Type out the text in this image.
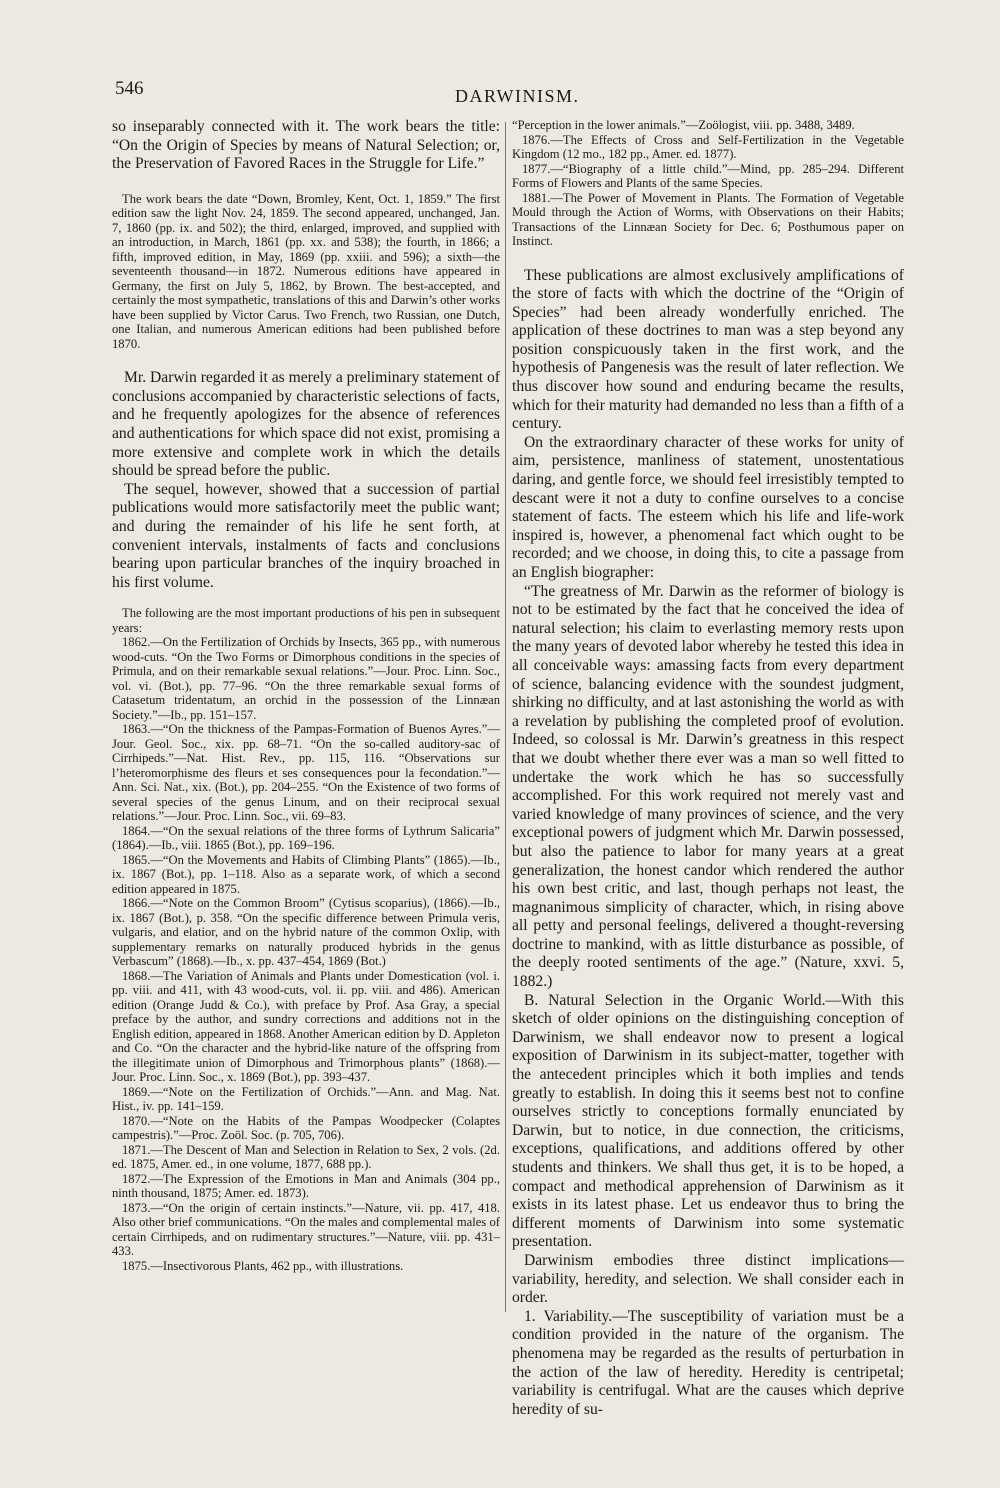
546	DARWINISM.

so inseparably connected with it. The work bears the title: “On the Origin of Species by means of Natural Selection; or, the Preservation of Favored Races in the Struggle for Life.”

The work bears the date “Down, Bromley, Kent, Oct. 1, 1859.” The first edition saw the light Nov. 24, 1859. The second appeared, unchanged, Jan. 7, 1860 (pp. ix. and 502); the third, enlarged, improved, and supplied with an introduction, in March, 1861 (pp. xx. and 538); the fourth, in 1866; a fifth, improved edition, in May, 1869 (pp. xxiii. and 596); a sixth—the seventeenth thousand—in 1872. Numerous editions have appeared in Germany, the first on July 5, 1862, by Brown. The best-accepted, and certainly the most sympathetic, translations of this and Darwin’s other works have been supplied by Victor Carus. Two French, two Russian, one Dutch, one Italian, and numerous American editions had been published before 1870.

Mr. Darwin regarded it as merely a preliminary statement of conclusions accompanied by characteristic selections of facts, and he frequently apologizes for the absence of references and authentications for which space did not exist, promising a more extensive and complete work in which the details should be spread before the public.

The sequel, however, showed that a succession of partial publications would more satisfactorily meet the public want; and during the remainder of his life he sent forth, at convenient intervals, instalments of facts and conclusions bearing upon particular branches of the inquiry broached in his first volume.

The following are the most important productions of his pen in subsequent years:

1862.—On the Fertilization of Orchids by Insects, 365 pp., with numerous wood-cuts. “On the Two Forms or Dimorphous conditions in the species of Primula, and on their remarkable sexual relations.”—Jour. Proc. Linn. Soc., vol. vi. (Bot.), pp. 77–96. “On the three remarkable sexual forms of Catasetum tridentatum, an orchid in the possession of the Linnæan Society.”—Ib., pp. 151–157.

1863.—“On the thickness of the Pampas-Formation of Buenos Ayres.”—Jour. Geol. Soc., xix. pp. 68–71. “On the so-called auditory-sac of Cirrhipeds.”—Nat. Hist. Rev., pp. 115, 116. “Observations sur l’heteromorphisme des fleurs et ses consequences pour la fecondation.”—Ann. Sci. Nat., xix. (Bot.), pp. 204–255. “On the Existence of two forms of several species of the genus Linum, and on their reciprocal sexual relations.”—Jour. Proc. Linn. Soc., vii. 69–83.

1864.—“On the sexual relations of the three forms of Lythrum Salicaria” (1864).—Ib., viii. 1865 (Bot.), pp. 169–196.

1865.—“On the Movements and Habits of Climbing Plants” (1865).—Ib., ix. 1867 (Bot.), pp. 1–118. Also as a separate work, of which a second edition appeared in 1875.

1866.—“Note on the Common Broom” (Cytisus scoparius), (1866).—Ib., ix. 1867 (Bot.), p. 358. “On the specific difference between Primula veris, vulgaris, and elatior, and on the hybrid nature of the common Oxlip, with supplementary remarks on naturally produced hybrids in the genus Verbascum” (1868).—Ib., x. pp. 437–454, 1869 (Bot.)

1868.—The Variation of Animals and Plants under Domestication (vol. i. pp. viii. and 411, with 43 wood-cuts, vol. ii. pp. viii. and 486). American edition (Orange Judd & Co.), with preface by Prof. Asa Gray, a special preface by the author, and sundry corrections and additions not in the English edition, appeared in 1868. Another American edition by D. Appleton and Co. “On the character and the hybrid-like nature of the offspring from the illegitimate union of Dimorphous and Trimorphous plants” (1868).—Jour. Proc. Linn. Soc., x. 1869 (Bot.), pp. 393–437.

1869.—“Note on the Fertilization of Orchids.”—Ann. and Mag. Nat. Hist., iv. pp. 141–159.

1870.—“Note on the Habits of the Pampas Woodpecker (Colaptes campestris).”—Proc. Zoöl. Soc. (p. 705, 706).

1871.—The Descent of Man and Selection in Relation to Sex, 2 vols. (2d. ed. 1875, Amer. ed., in one volume, 1877, 688 pp.).

1872.—The Expression of the Emotions in Man and Animals (304 pp., ninth thousand, 1875; Amer. ed. 1873).

1873.—“On the origin of certain instincts.”—Nature, vii. pp. 417, 418. Also other brief communications. “On the males and complemental males of certain Cirrhipeds, and on rudimentary structures.”—Nature, viii. pp. 431–433.

1875.—Insectivorous Plants, 462 pp., with illustrations.

“Perception in the lower animals.”—Zoölogist, viii. pp. 3488, 3489.

1876.—The Effects of Cross and Self-Fertilization in the Vegetable Kingdom (12 mo., 182 pp., Amer. ed. 1877).

1877.—“Biography of a little child.”—Mind, pp. 285–294. Different Forms of Flowers and Plants of the same Species.

1881.—The Power of Movement in Plants. The Formation of Vegetable Mould through the Action of Worms, with Observations on their Habits; Transactions of the Linnæan Society for Dec. 6; Posthumous paper on Instinct.

These publications are almost exclusively amplifications of the store of facts with which the doctrine of the “Origin of Species” had been already wonderfully enriched. The application of these doctrines to man was a step beyond any position conspicuously taken in the first work, and the hypothesis of Pangenesis was the result of later reflection. We thus discover how sound and enduring became the results, which for their maturity had demanded no less than a fifth of a century.

On the extraordinary character of these works for unity of aim, persistence, manliness of statement, unostentatious daring, and gentle force, we should feel irresistibly tempted to descant were it not a duty to confine ourselves to a concise statement of facts. The esteem which his life and life-work inspired is, however, a phenomenal fact which ought to be recorded; and we choose, in doing this, to cite a passage from an English biographer:

“The greatness of Mr. Darwin as the reformer of biology is not to be estimated by the fact that he conceived the idea of natural selection; his claim to everlasting memory rests upon the many years of devoted labor whereby he tested this idea in all conceivable ways: amassing facts from every department of science, balancing evidence with the soundest judgment, shirking no difficulty, and at last astonishing the world as with a revelation by publishing the completed proof of evolution. Indeed, so colossal is Mr. Darwin’s greatness in this respect that we doubt whether there ever was a man so well fitted to undertake the work which he has so successfully accomplished. For this work required not merely vast and varied knowledge of many provinces of science, and the very exceptional powers of judgment which Mr. Darwin possessed, but also the patience to labor for many years at a great generalization, the honest candor which rendered the author his own best critic, and last, though perhaps not least, the magnanimous simplicity of character, which, in rising above all petty and personal feelings, delivered a thought-reversing doctrine to mankind, with as little disturbance as possible, of the deeply rooted sentiments of the age.” (Nature, xxvi. 5, 1882.)

B. Natural Selection in the Organic World.—With this sketch of older opinions on the distinguishing conception of Darwinism, we shall endeavor now to present a logical exposition of Darwinism in its subject-matter, together with the antecedent principles which it both implies and tends greatly to establish. In doing this it seems best not to confine ourselves strictly to conceptions formally enunciated by Darwin, but to notice, in due connection, the criticisms, exceptions, qualifications, and additions offered by other students and thinkers. We shall thus get, it is to be hoped, a compact and methodical apprehension of Darwinism as it exists in its latest phase. Let us endeavor thus to bring the different moments of Darwinism into some systematic presentation.

Darwinism embodies three distinct implications—variability, heredity, and selection. We shall consider each in order.

1. Variability.—The susceptibility of variation must be a condition provided in the nature of the organism. The phenomena may be regarded as the results of perturbation in the action of the law of heredity. Heredity is centripetal; variability is centrifugal. What are the causes which deprive heredity of su-
